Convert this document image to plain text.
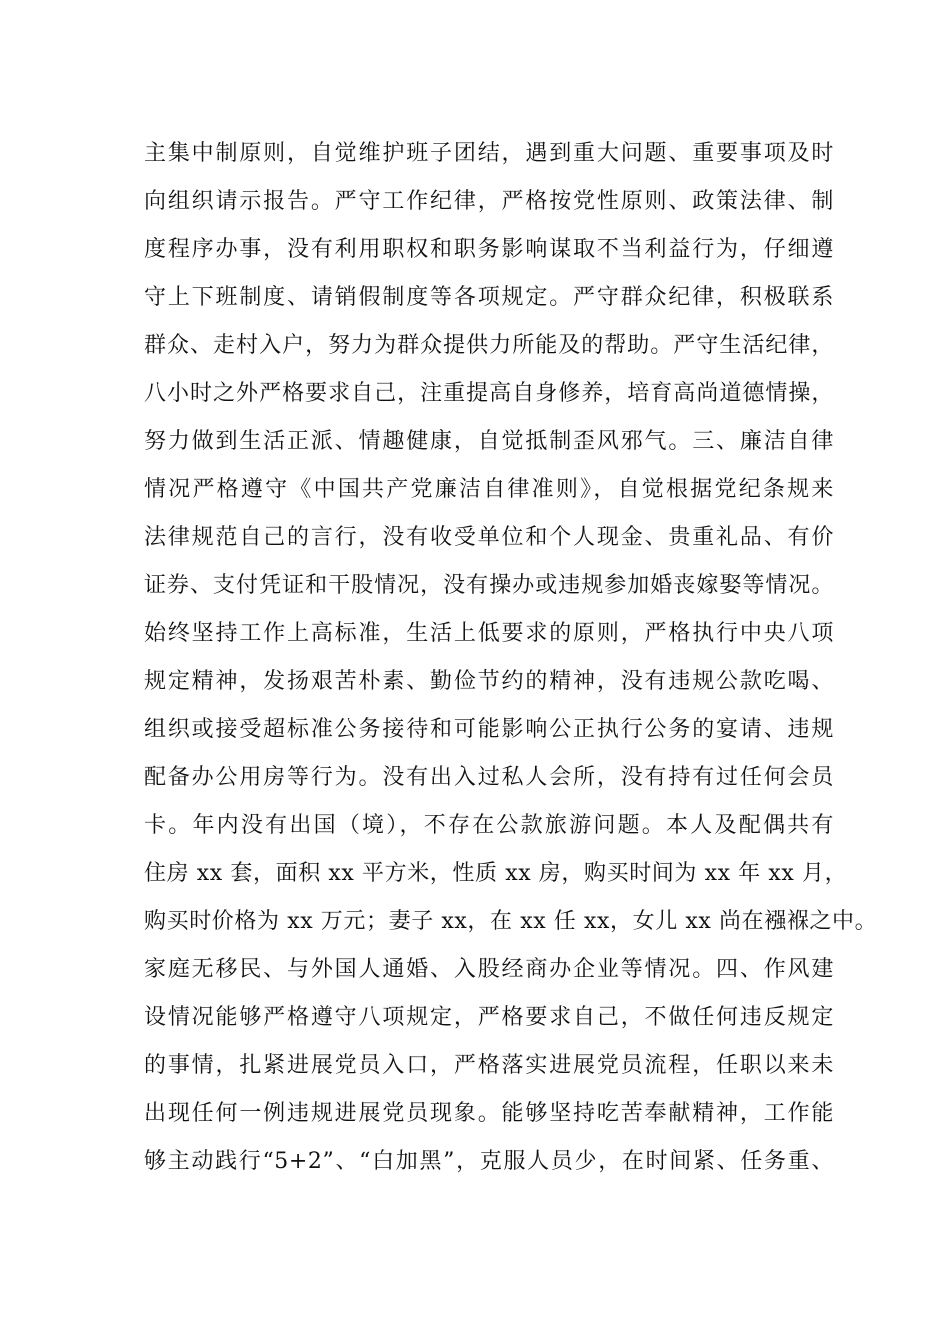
主集中制原则，自觉维护班子团结，遇到重大问题、重要事项及时
向组织请示报告。严守工作纪律，严格按党性原则、政策法律、制
度程序办事，没有利用职权和职务影响谋取不当利益行为，仔细遵
守上下班制度、请销假制度等各项规定。严守群众纪律，积极联系
群众、走村入户，努力为群众提供力所能及的帮助。严守生活纪律，
八小时之外严格要求自己，注重提高自身修养，培育高尚道德情操，
努力做到生活正派、情趣健康，自觉抵制歪风邪气。三、廉洁自律
情况严格遵守《中国共产党廉洁自律准则》，自觉根据党纪条规来
法律规范自己的言行，没有收受单位和个人现金、贵重礼品、有价
证券、支付凭证和干股情况，没有操办或违规参加婚丧嫁娶等情况。
始终坚持工作上高标准，生活上低要求的原则，严格执行中央八项
规定精神，发扬艰苦朴素、勤俭节约的精神，没有违规公款吃喝、
组织或接受超标准公务接待和可能影响公正执行公务的宴请、违规
配备办公用房等行为。没有出入过私人会所，没有持有过任何会员
卡。年内没有出国（境），不存在公款旅游问题。本人及配偶共有
住房 xx 套，面积 xx 平方米，性质 xx 房，购买时间为 xx 年 xx 月，
购买时价格为 xx 万元；妻子 xx，在 xx 任 xx，女儿 xx 尚在襁褓之中。
家庭无移民、与外国人通婚、入股经商办企业等情况。四、作风建
设情况能够严格遵守八项规定，严格要求自己，不做任何违反规定
的事情，扎紧进展党员入口，严格落实进展党员流程，任职以来未
出现任何一例违规进展党员现象。能够坚持吃苦奉献精神，工作能
够主动践行“5+2”、“白加黑”，克服人员少，在时间紧、任务重、
